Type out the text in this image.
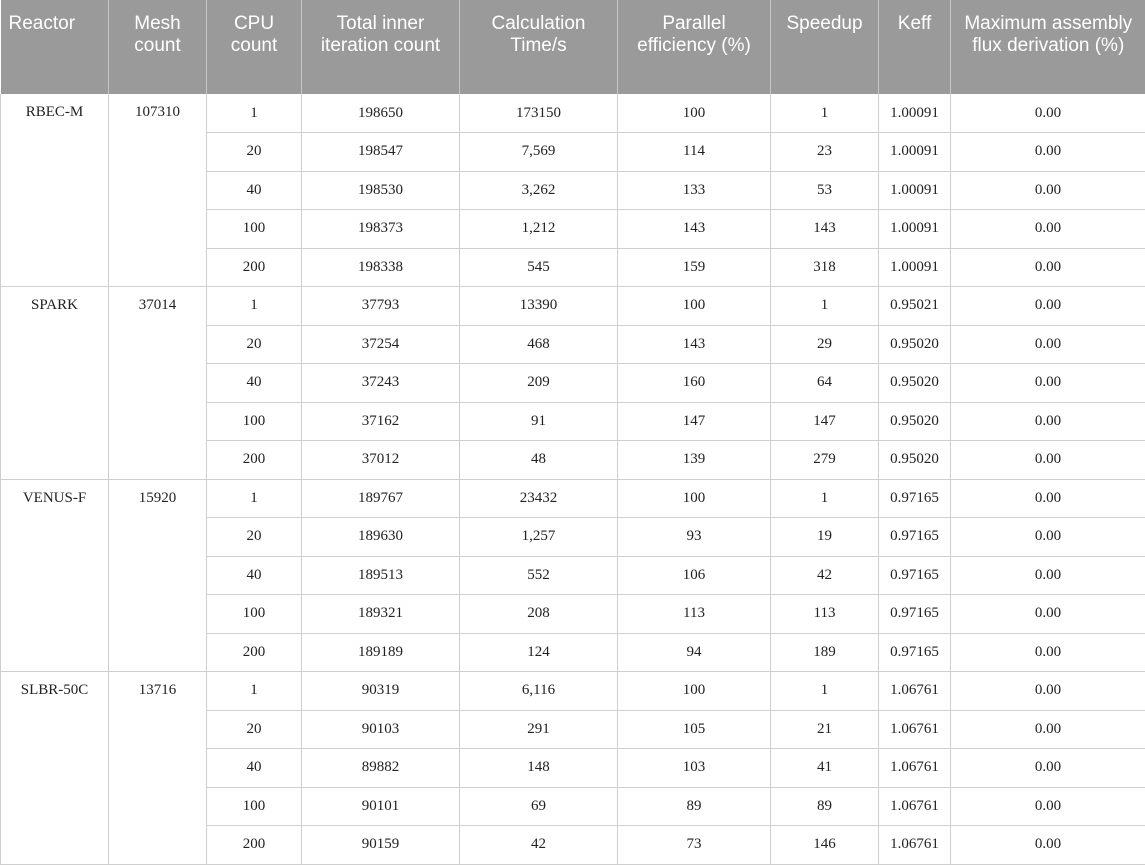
Reactor	Mesh count	CPU count	Total inner iteration count	Calculation Time/s	Parallel efficiency (%)	Speedup	Keff	Maximum assembly flux derivation (%)
RBEC-M	107310	1	198650	173150	100	1	1.00091	0.00
		20	198547	7,569	114	23	1.00091	0.00
		40	198530	3,262	133	53	1.00091	0.00
		100	198373	1,212	143	143	1.00091	0.00
		200	198338	545	159	318	1.00091	0.00
SPARK	37014	1	37793	13390	100	1	0.95021	0.00
		20	37254	468	143	29	0.95020	0.00
		40	37243	209	160	64	0.95020	0.00
		100	37162	91	147	147	0.95020	0.00
		200	37012	48	139	279	0.95020	0.00
VENUS-F	15920	1	189767	23432	100	1	0.97165	0.00
		20	189630	1,257	93	19	0.97165	0.00
		40	189513	552	106	42	0.97165	0.00
		100	189321	208	113	113	0.97165	0.00
		200	189189	124	94	189	0.97165	0.00
SLBR-50C	13716	1	90319	6,116	100	1	1.06761	0.00
		20	90103	291	105	21	1.06761	0.00
		40	89882	148	103	41	1.06761	0.00
		100	90101	69	89	89	1.06761	0.00
		200	90159	42	73	146	1.06761	0.00
